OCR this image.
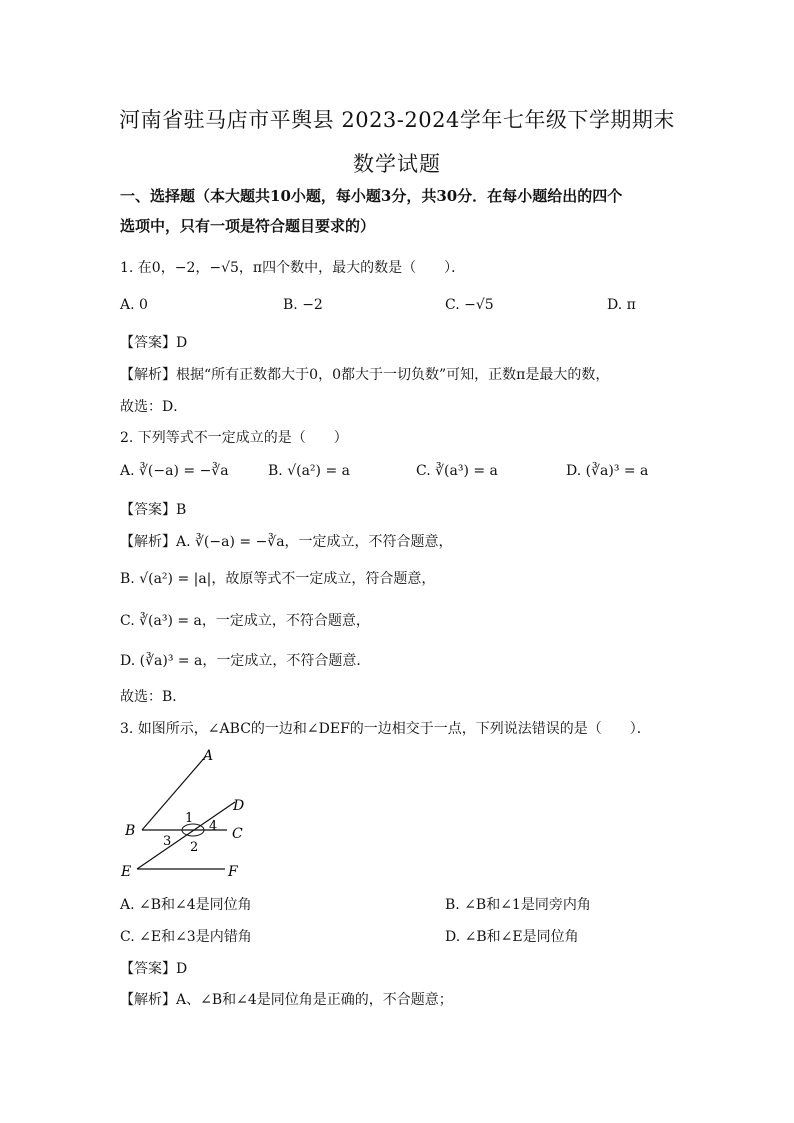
河南省驻马店市平舆县 2023-2024学年七年级下学期期末
数学试题
一、选择题（本大题共10小题，每小题3分，共30分．在每小题给出的四个
选项中，只有一项是符合题目要求的）
1. 在0，−2，−√5，π四个数中，最大的数是（　　）．
A. 0	B. −2	C. −√5	D. π
【答案】D
【解析】根据“所有正数都大于0，0都大于一切负数”可知，正数π是最大的数，
故选：D．
2. 下列等式不一定成立的是（　　）
A. ∛(−a) = −∛a	B. √(a²) = a	C. ∛(a³) = a	D. (∛a)³ = a
【答案】B
【解析】A. ∛(−a) = −∛a，一定成立，不符合题意，
B. √(a²) = |a|，故原等式不一定成立，符合题意，
C. ∛(a³) = a，一定成立，不符合题意，
D. (∛a)³ = a，一定成立，不符合题意．
故选：B．
3. 如图所示，∠ABC的一边和∠DEF的一边相交于一点，下列说法错误的是（　　）．
B
A
D
C
E	F
1
4
3 2
A. ∠B和∠4是同位角	B. ∠B和∠1是同旁内角
C. ∠E和∠3是内错角	D. ∠B和∠E是同位角
【答案】D
【解析】A、∠B和∠4是同位角是正确的，不合题意；
